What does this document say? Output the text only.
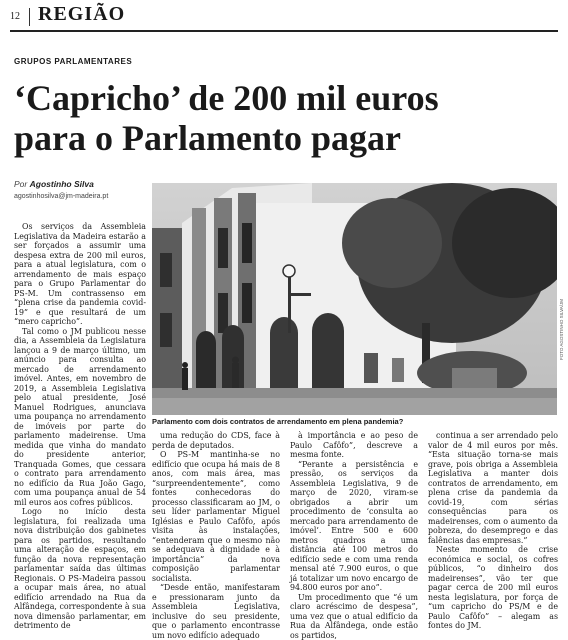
12 REGIÃO
GRUPOS PARLAMENTARES
‘Capricho’ de 200 mil euros
para o Parlamento pagar
Por Agostinho Silva
agostinhosilva@jm-madeira.pt

Os serviços da Assembleia Legislativa da Madeira estarão a ser forçados a assumir uma despesa extra de 200 mil euros, para a atual legislatura, com o arrendamento de mais espaço para o Grupo Parlamentar do PS-M. Um contrassenso em “plena crise da pandemia covid-19” e que resultará de um “mero capricho”.

Tal como o JM publicou nesse dia, a Assembleia da Legislatura lançou a 9 de março último, um anúncio para consulta ao mercado de arrendamento imóvel. Antes, em novembro de 2019, a Assembleia Legislativa pelo atual presidente, José Manuel Rodrigues, anunciava uma poupança no arrendamento de imóveis por parte do parlamento madeirense. Uma medida que vinha do mandato do presidente anterior, Tranquada Gomes, que cessara o contrato para arrendamento no edifício da Rua João Gago, com uma poupança anual de 54 mil euros aos cofres públicos.

Logo no início desta legislatura, foi realizada uma nova distribuição dos gabinetes para os partidos, resultando uma alteração de espaços, em função da nova representação parlamentar saída das últimas Regionais. O PS-Madeira passou a ocupar mais área, no atual edifício arrendado na Rua da Alfândega, correspondente à sua nova dimensão parlamentar, em detrimento de

FOTO AGOSTINHO SILVA/JM
Parlamento com dois contratos de arrendamento em plena pandemia?

uma redução do CDS, face à perda de deputados.

O PS-M mantinha-se no edifício que ocupa há mais de 8 anos, com mais área, mas “surpreendentemente”, como fontes conhecedoras do processo classificaram ao JM, o seu líder parlamentar Miguel Iglésias e Paulo Cafôfo, após visita às instalações, “entenderam que o mesmo não se adequava à dignidade e à importância” da nova composição parlamentar socialista.

“Desde então, manifestaram e pressionaram junto da Assembleia Legislativa, inclusive do seu presidente, que o parlamento encontrasse um novo edifício adequado

à importância e ao peso de Paulo Cafôfo”, descreve a mesma fonte.

“Perante a persistência e pressão, os serviços da Assembleia Legislativa, 9 de março de 2020, viram-se obrigados a abrir um procedimento de ‘consulta ao mercado para arrendamento de imóvel’. Entre 500 e 600 metros quadros a uma distância até 100 metros do edifício sede e com uma renda mensal até 7.900 euros, o que já totalizar um novo encargo de 94.800 euros por ano”.

Um procedimento que “é um claro acréscimo de despesa”, uma vez que o atual edifício da Rua da Alfândega, onde estão os partidos,

continua a ser arrendado pelo valor de 4 mil euros por mês. “Esta situação torna-se mais grave, pois obriga a Assembleia Legislativa a manter dois contratos de arrendamento, em plena crise da pandemia da covid-19, com sérias consequências para os madeirenses, com o aumento da pobreza, do desemprego e das falências das empresas.”

Neste momento de crise económica e social, os cofres públicos, “o dinheiro dos madeirenses”, vão ter que pagar cerca de 200 mil euros nesta legislatura, por força de “um capricho do PS/M e de Paulo Cafôfo” – alegam as fontes do JM.
